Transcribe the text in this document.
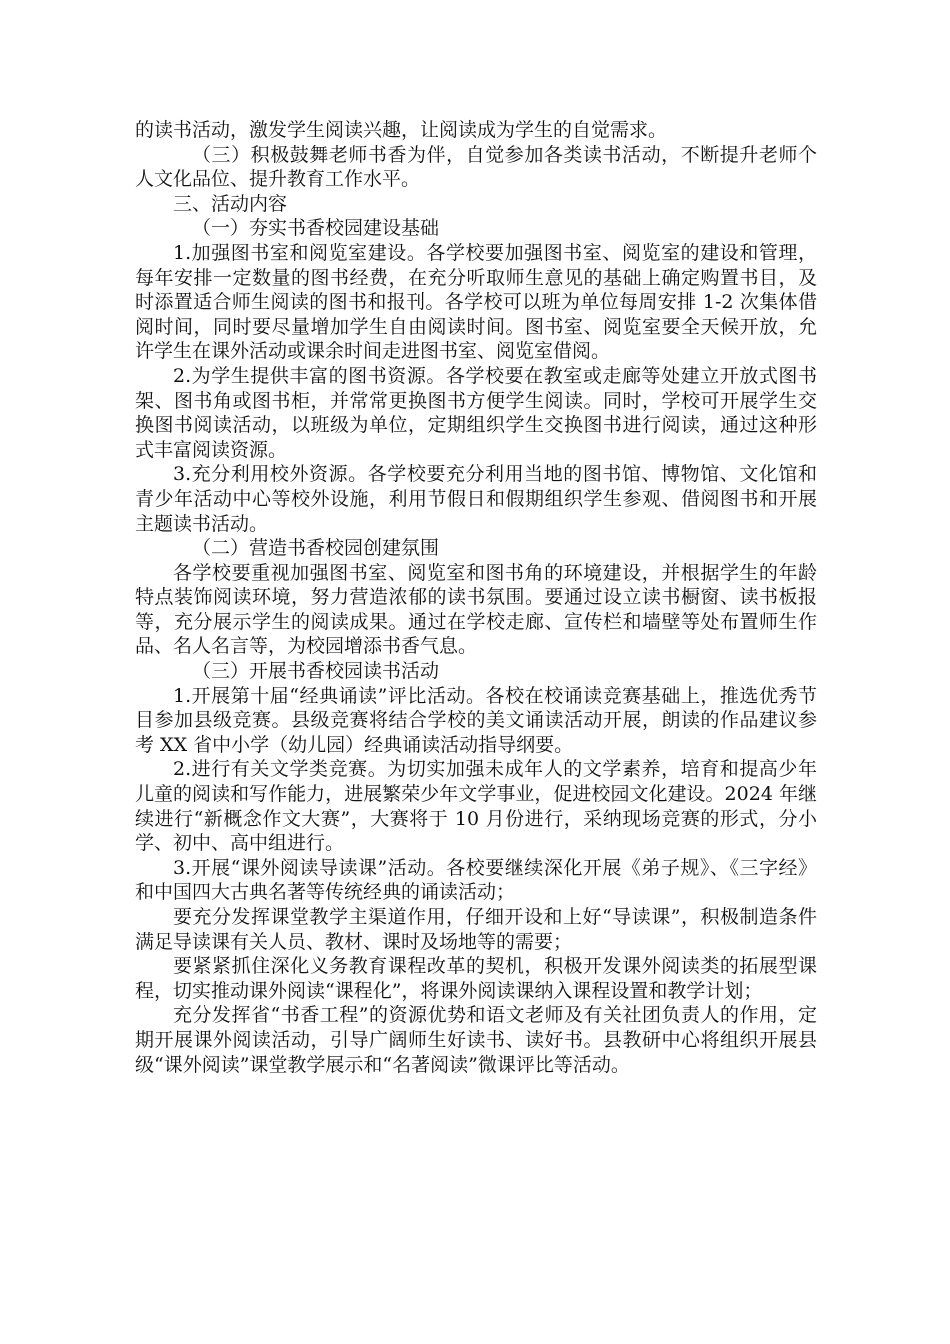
的读书活动，激发学生阅读兴趣，让阅读成为学生的自觉需求。

（三）积极鼓舞老师书香为伴，自觉参加各类读书活动，不断提升老师个人文化品位、提升教育工作水平。

三、活动内容

（一）夯实书香校园建设基础

1.加强图书室和阅览室建设。各学校要加强图书室、阅览室的建设和管理，每年安排一定数量的图书经费，在充分听取师生意见的基础上确定购置书目，及时添置适合师生阅读的图书和报刊。各学校可以班为单位每周安排 1-2 次集体借阅时间，同时要尽量增加学生自由阅读时间。图书室、阅览室要全天候开放，允许学生在课外活动或课余时间走进图书室、阅览室借阅。

2.为学生提供丰富的图书资源。各学校要在教室或走廊等处建立开放式图书架、图书角或图书柜，并常常更换图书方便学生阅读。同时，学校可开展学生交换图书阅读活动，以班级为单位，定期组织学生交换图书进行阅读，通过这种形式丰富阅读资源。

3.充分利用校外资源。各学校要充分利用当地的图书馆、博物馆、文化馆和青少年活动中心等校外设施，利用节假日和假期组织学生参观、借阅图书和开展主题读书活动。

（二）营造书香校园创建氛围

各学校要重视加强图书室、阅览室和图书角的环境建设，并根据学生的年龄特点装饰阅读环境，努力营造浓郁的读书氛围。要通过设立读书橱窗、读书板报等，充分展示学生的阅读成果。通过在学校走廊、宣传栏和墙壁等处布置师生作品、名人名言等，为校园增添书香气息。

（三）开展书香校园读书活动

1.开展第十届“经典诵读”评比活动。各校在校诵读竞赛基础上，推选优秀节目参加县级竞赛。县级竞赛将结合学校的美文诵读活动开展，朗读的作品建议参考 XX 省中小学（幼儿园）经典诵读活动指导纲要。

2.进行有关文学类竞赛。为切实加强未成年人的文学素养，培育和提高少年儿童的阅读和写作能力，进展繁荣少年文学事业，促进校园文化建设。2024 年继续进行“新概念作文大赛”，大赛将于 10 月份进行，采纳现场竞赛的形式，分小学、初中、高中组进行。

3.开展“课外阅读导读课”活动。各校要继续深化开展《弟子规》、《三字经》和中国四大古典名著等传统经典的诵读活动；

要充分发挥课堂教学主渠道作用，仔细开设和上好“导读课”，积极制造条件满足导读课有关人员、教材、课时及场地等的需要；

要紧紧抓住深化义务教育课程改革的契机，积极开发课外阅读类的拓展型课程，切实推动课外阅读“课程化”，将课外阅读课纳入课程设置和教学计划；

充分发挥省“书香工程”的资源优势和语文老师及有关社团负责人的作用，定期开展课外阅读活动，引导广阔师生好读书、读好书。县教研中心将组织开展县级“课外阅读”课堂教学展示和“名著阅读”微课评比等活动。
